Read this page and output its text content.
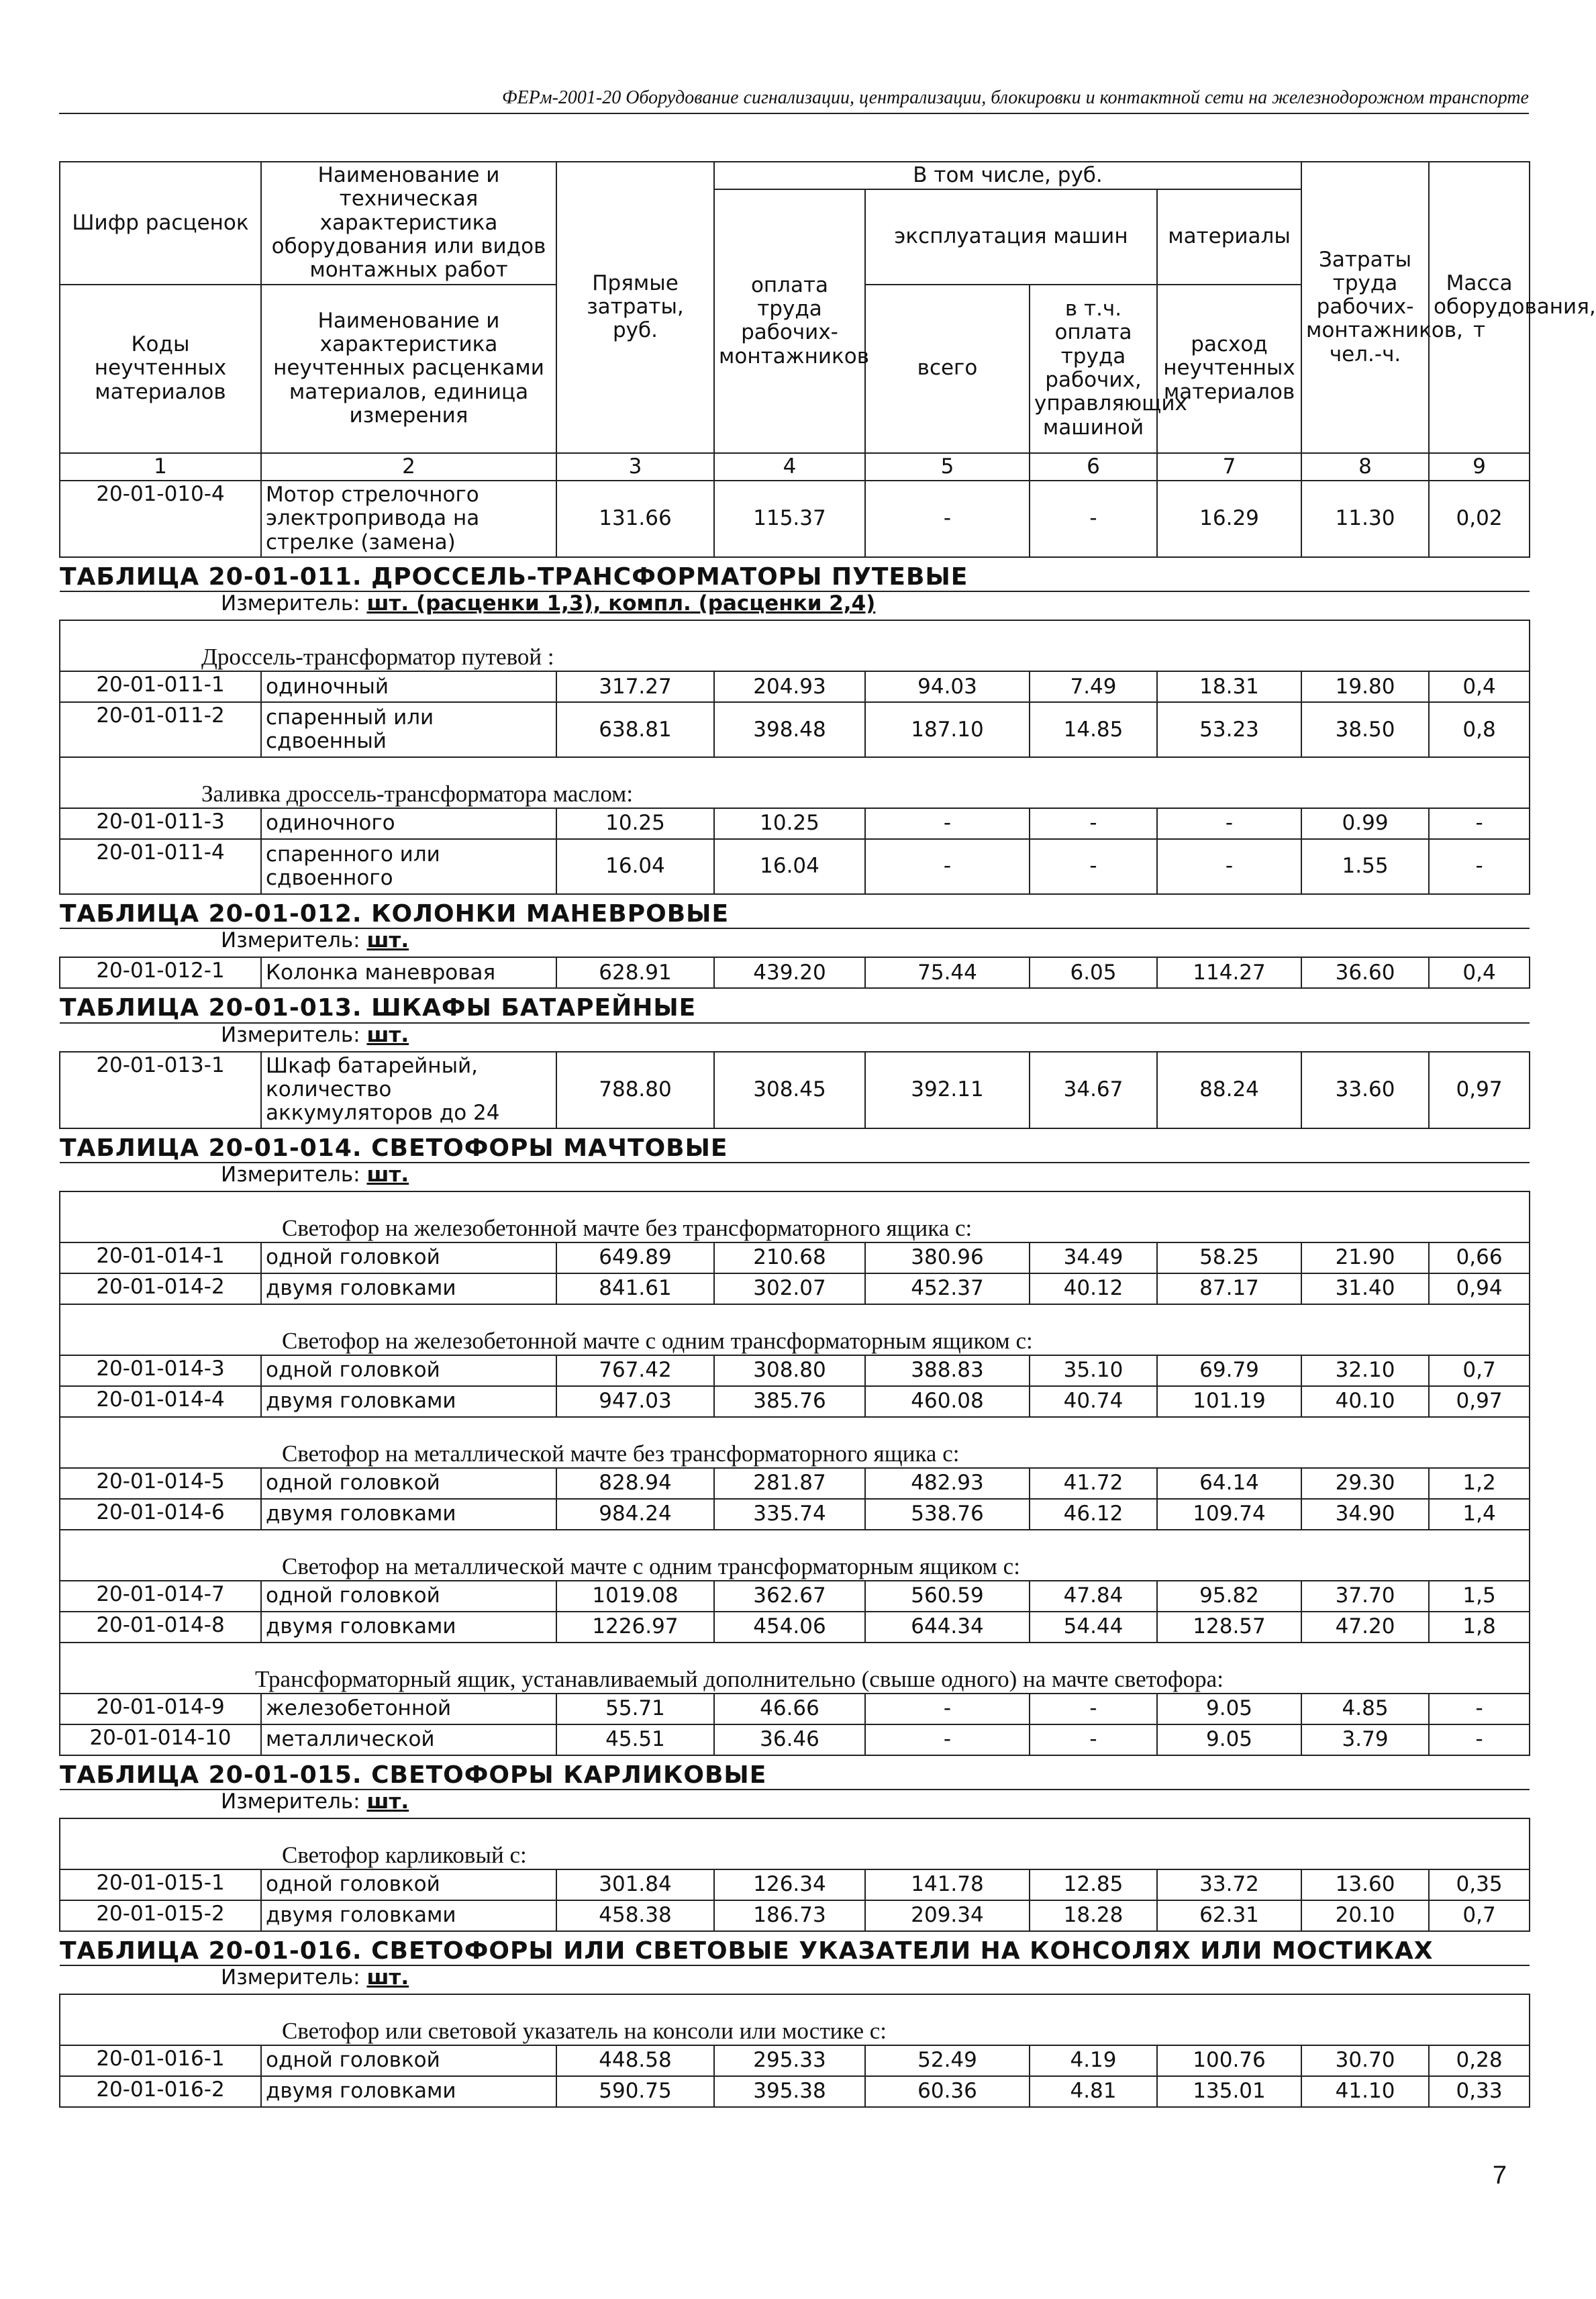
ФЕРм-2001-20 Оборудование сигнализации, централизации, блокировки и контактной сети на железнодорожном транспорте
Шифр расценок	Наименование и техническая характеристика оборудования или видов монтажных работ	Прямые затраты, руб.	В том числе, руб.				Затраты труда рабочих-монтажников, чел.-ч.	Масса оборудования, т
			оплата труда рабочих-монтажников	эксплуатация машин		материалы		
Коды неучтенных материалов	Наименование и характеристика неучтенных расценками материалов, единица измерения			всего	в т.ч. оплата труда рабочих, управляющих машиной	расход неучтенных материалов		

1	2	3	4	5	6	7	8	9
20-01-010-4	Мотор стрелочного электропривода на стрелке (замена)	131.66	115.37	-	-	16.29	11.30	0,02
ТАБЛИЦА 20-01-011. ДРОССЕЛЬ-ТРАНСФОРМАТОРЫ ПУТЕВЫЕ								
Измеритель: шт. (расценки 1,3), компл. (расценки 2,4)								
Дроссель-трансформатор путевой :								
20-01-011-1	одиночный	317.27	204.93	94.03	7.49	18.31	19.80	0,4
20-01-011-2	спаренный или сдвоенный	638.81	398.48	187.10	14.85	53.23	38.50	0,8
Заливка дроссель-трансформатора маслом:								
20-01-011-3	одиночного	10.25	10.25	-	-	-	0.99	-
20-01-011-4	спаренного или сдвоенного	16.04	16.04	-	-	-	1.55	-
ТАБЛИЦА 20-01-012. КОЛОНКИ МАНЕВРОВЫЕ								
Измеритель: шт.								
20-01-012-1	Колонка маневровая	628.91	439.20	75.44	6.05	114.27	36.60	0,4
ТАБЛИЦА 20-01-013. ШКАФЫ БАТАРЕЙНЫЕ								
Измеритель: шт.								
20-01-013-1	Шкаф батарейный, количество аккумуляторов до 24	788.80	308.45	392.11	34.67	88.24	33.60	0,97
ТАБЛИЦА 20-01-014. СВЕТОФОРЫ МАЧТОВЫЕ								
Измеритель: шт.								
Светофор на железобетонной мачте без трансформаторного ящика с:								
20-01-014-1	одной головкой	649.89	210.68	380.96	34.49	58.25	21.90	0,66
20-01-014-2	двумя головками	841.61	302.07	452.37	40.12	87.17	31.40	0,94
Светофор на железобетонной мачте с одним трансформаторным ящиком с:								
20-01-014-3	одной головкой	767.42	308.80	388.83	35.10	69.79	32.10	0,7
20-01-014-4	двумя головками	947.03	385.76	460.08	40.74	101.19	40.10	0,97
Светофор на металлической мачте без трансформаторного ящика с:								
20-01-014-5	одной головкой	828.94	281.87	482.93	41.72	64.14	29.30	1,2
20-01-014-6	двумя головками	984.24	335.74	538.76	46.12	109.74	34.90	1,4
Светофор на металлической мачте с одним трансформаторным ящиком с:								
20-01-014-7	одной головкой	1019.08	362.67	560.59	47.84	95.82	37.70	1,5
20-01-014-8	двумя головками	1226.97	454.06	644.34	54.44	128.57	47.20	1,8
Трансформаторный ящик, устанавливаемый дополнительно (свыше одного) на мачте светофора:								
20-01-014-9	железобетонной	55.71	46.66	-	-	9.05	4.85	-
20-01-014-10	металлической	45.51	36.46	-	-	9.05	3.79	-
ТАБЛИЦА 20-01-015. СВЕТОФОРЫ КАРЛИКОВЫЕ								
Измеритель: шт.								
Светофор карликовый с:								
20-01-015-1	одной головкой	301.84	126.34	141.78	12.85	33.72	13.60	0,35
20-01-015-2	двумя головками	458.38	186.73	209.34	18.28	62.31	20.10	0,7
ТАБЛИЦА 20-01-016. СВЕТОФОРЫ ИЛИ СВЕТОВЫЕ УКАЗАТЕЛИ НА КОНСОЛЯХ ИЛИ МОСТИКАХ								
Измеритель: шт.								
Светофор или световой указатель на консоли или мостике с:								
20-01-016-1	одной головкой	448.58	295.33	52.49	4.19	100.76	30.70	0,28
20-01-016-2	двумя головками	590.75	395.38	60.36	4.81	135.01	41.10	0,33
7
